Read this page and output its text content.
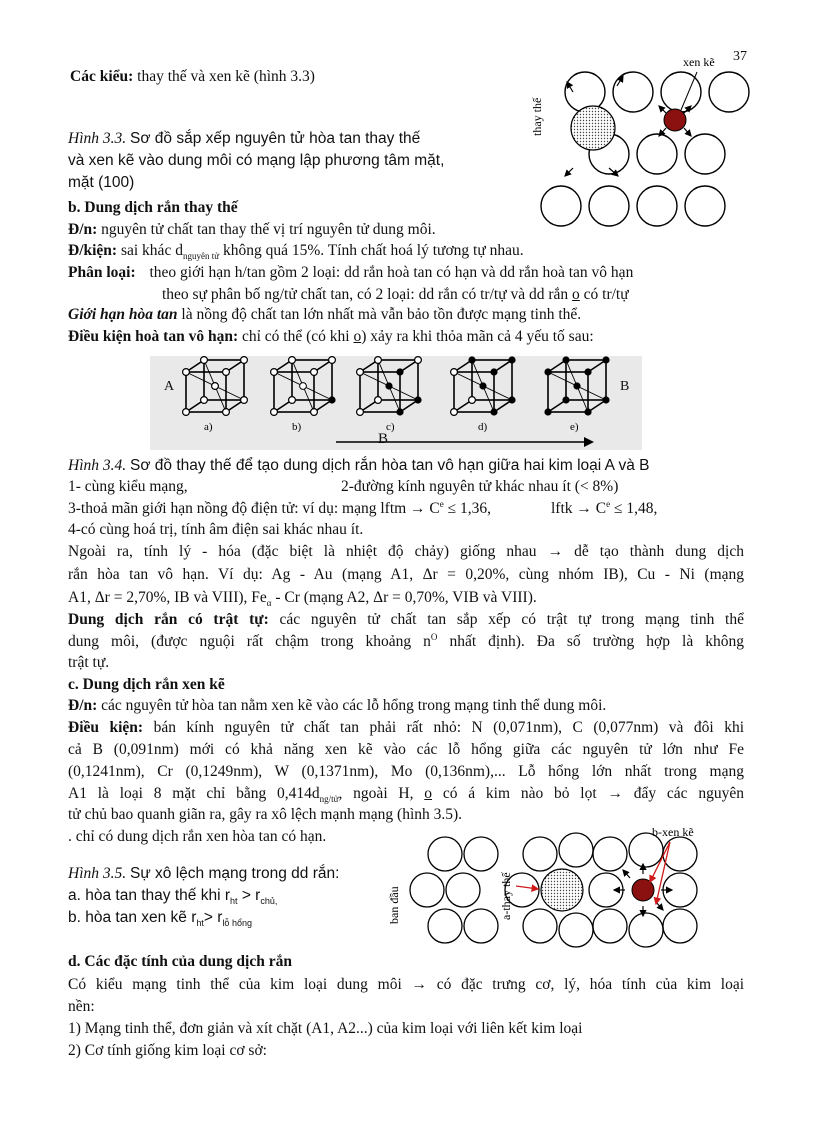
37
Các kiểu: thay thế và xen kẽ (hình 3.3)
Hình 3.3. Sơ đồ sắp xếp nguyên tử hòa tan thay thế
và xen kẽ vào dung môi có mạng lập phương tâm mặt,
mặt (100)
xen kẽ
thay thế
b. Dung dịch rắn thay thế
Đ/n: nguyên tử chất tan thay thế vị trí nguyên tử dung môi.
Đ/kiện: sai khác $d_{nguyên tử}$ không quá 15%. Tính chất hoá lý tương tự nhau.
Phân loại: theo giới hạn h/tan gồm 2 loại: dd rắn hoà tan có hạn và dd rắn hoà tan vô hạn
theo sự phân bố ng/tử chất tan, có 2 loại: dd rắn có tr/tự và dd rắn o có tr/tự
Giới hạn hòa tan là nồng độ chất tan lớn nhất mà vẫn bảo tồn được mạng tinh thể.
Điều kiện hoà tan vô hạn: chỉ có thể (có khi o) xảy ra khi thỏa mãn cả 4 yếu tố sau:
A	B
a)	b)	c)	d)	e)
B
Hình 3.4. Sơ đồ thay thế để tạo dung dịch rắn hòa tan vô hạn giữa hai kim loại A và B
1- cùng kiểu mạng,	2-đường kính nguyên tử khác nhau ít (< 8%)
3-thoả mãn giới hạn nồng độ điện tử: ví dụ: mạng lftm → $C^e \le 1,36$,	lftk → $C^e \le 1,48$,
4-có cùng hoá trị, tính âm điện sai khác nhau ít.
Ngoài ra, tính lý - hóa (đặc biệt là nhiệt độ chảy) giống nhau → dễ tạo thành dung dịch
rắn hòa tan vô hạn. Ví dụ: Ag - Au (mạng A1, Δr = 0,20%, cùng nhóm IB), Cu - Ni (mạng
A1, Δr = 2,70%, IB và VIII), $Fe_\alpha$ - Cr (mạng A2, Δr = 0,70%, VIB và VIII).
Dung dịch rắn có trật tự: các nguyên tử chất tan sắp xếp có trật tự trong mạng tinh thể
dung môi, (được nguội rất chậm trong khoảng $n^O$ nhất định). Đa số trường hợp là không
trật tự.
c. Dung dịch rắn xen kẽ
Đ/n: các nguyên tử hòa tan nằm xen kẽ vào các lỗ hổng trong mạng tinh thể dung môi.
Điều kiện: bán kính nguyên tử chất tan phải rất nhỏ: N (0,071nm), C (0,077nm) và đôi khi
cả B (0,091nm) mới có khả năng xen kẽ vào các lỗ hổng giữa các nguyên tử lớn như Fe
(0,1241nm), Cr (0,1249nm), W (0,1371nm), Mo (0,136nm),... Lỗ hổng lớn nhất trong mạng
A1 là loại 8 mặt chỉ bằng $0,414d_{ng/tử}$, ngoài H, o có á kim nào bỏ lọt → đẩy các nguyên
tử chủ bao quanh giãn ra, gây ra xô lệch mạnh mạng (hình 3.5).
. chỉ có dung dịch rắn xen hòa tan có hạn.
Hình 3.5. Sự xô lệch mạng trong dd rắn:
a. hòa tan thay thế khi $r_{ht} > r_{chủ,}$
b. hòa tan xen kẽ $r_{ht}> r_{lỗ hổng}$	ban đầu	a-thay thế
b-xen kẽ
d. Các đặc tính của dung dịch rắn
Có kiểu mạng tinh thể của kim loại dung môi → có đặc trưng cơ, lý, hóa tính của kim loại
nền:
1) Mạng tinh thể, đơn giản và xít chặt (A1, A2...) của kim loại với liên kết kim loại
2) Cơ tính giống kim loại cơ sở:
